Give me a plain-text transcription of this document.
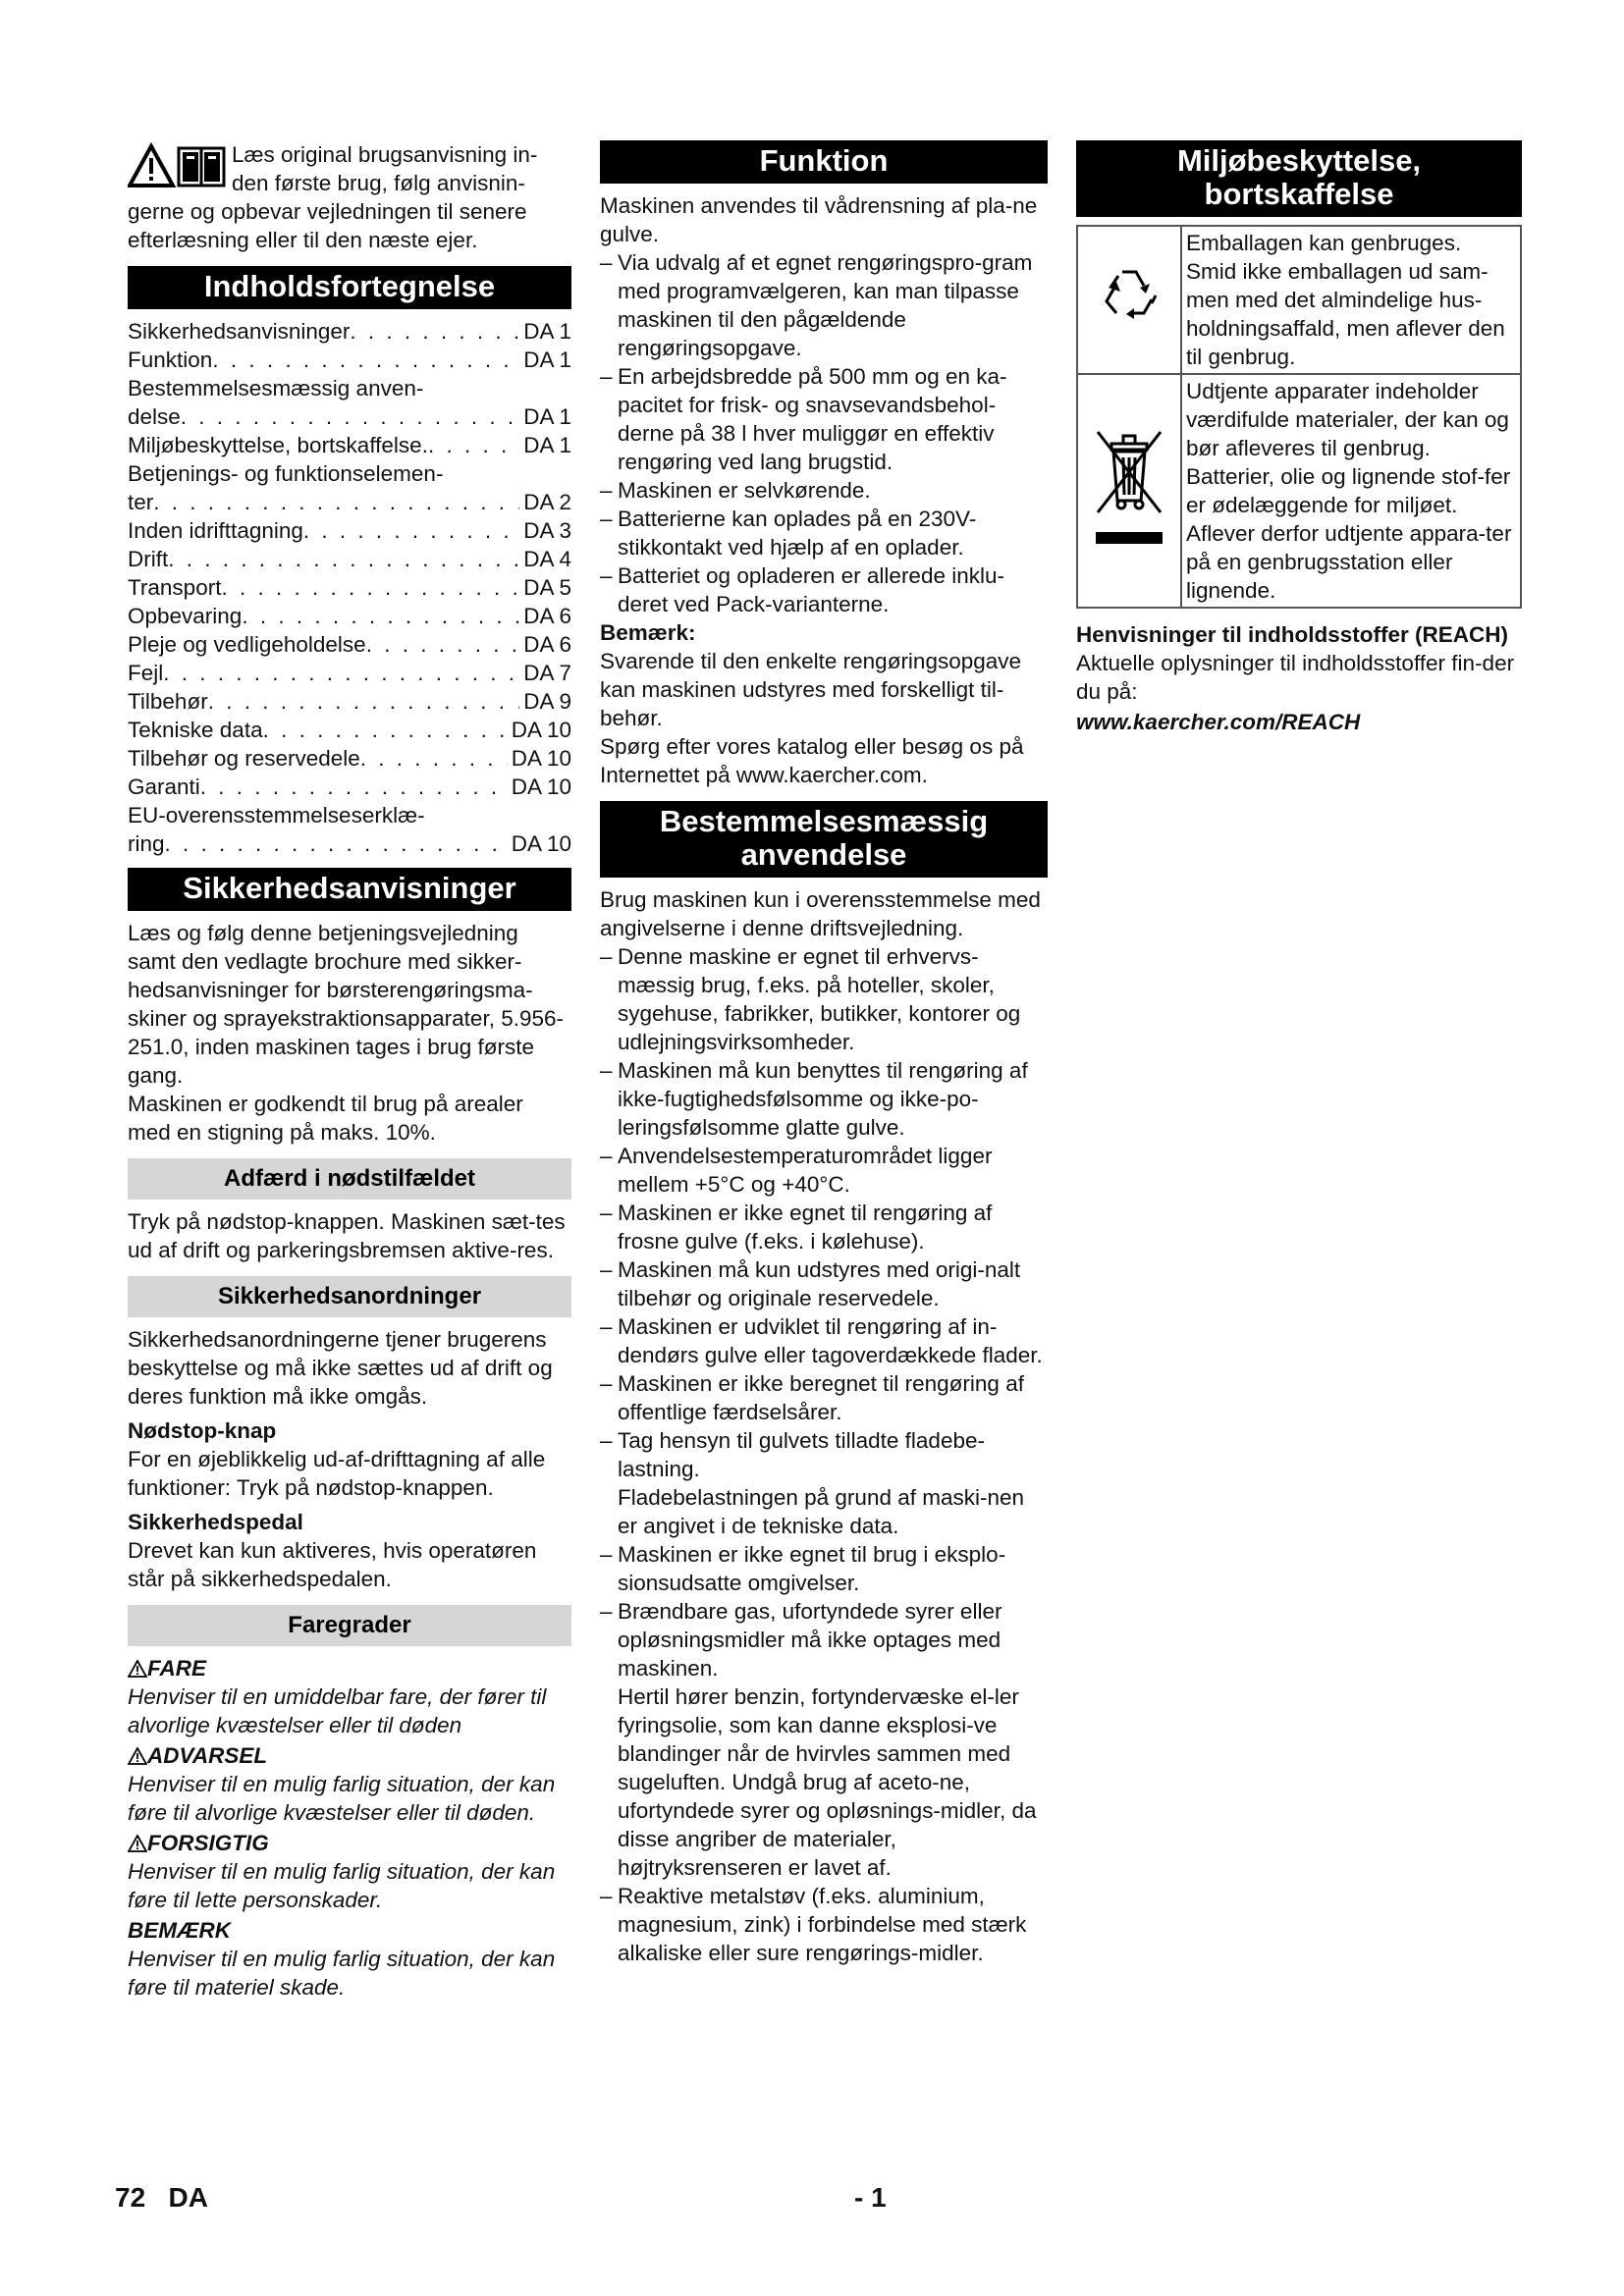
Læs original brugsanvisning in-den første brug, følg anvisnin-gerne og opbevar vejledningen til senere efterlæsning eller til den næste ejer.

Indholdsfortegnelse
Sikkerhedsanvisninger . . .	DA 1
Funktion . . .	DA 1
Bestemmelsesmæssig anven-
delse . . .	DA 1
Miljøbeskyttelse, bortskaffelse. . . .	DA 1
Betjenings- og funktionselemen-
ter . . .	DA 2
Inden idrifttagning . . .	DA 3
Drift . . .	DA 4
Transport . . .	DA 5
Opbevaring . . .	DA 6
Pleje og vedligeholdelse . . .	DA 6
Fejl . . .	DA 7
Tilbehør . . .	DA 9
Tekniske data . . .	DA 10
Tilbehør og reservedele . . .	DA 10
Garanti . . .	DA 10
EU-overensstemmelseserklæ-
ring . . .	DA 10
Sikkerhedsanvisninger

Læs og følg denne betjeningsvejledning samt den vedlagte brochure med sikker-hedsanvisninger for børsterengøringsma-skiner og sprayekstraktionsapparater, 5.956-251.0, inden maskinen tages i brug første gang.

Maskinen er godkendt til brug på arealer med en stigning på maks. 10%.

Adfærd i nødstilfældet

Tryk på nødstop-knappen. Maskinen sæt-tes ud af drift og parkeringsbremsen aktive-res.

Sikkerhedsanordninger

Sikkerhedsanordningerne tjener brugerens beskyttelse og må ikke sættes ud af drift og deres funktion må ikke omgås.

Nødstop-knap

For en øjeblikkelig ud-af-drifttagning af alle funktioner: Tryk på nødstop-knappen.

Sikkerhedspedal

Drevet kan kun aktiveres, hvis operatøren står på sikkerhedspedalen.

Faregrader

FARE

Henviser til en umiddelbar fare, der fører til alvorlige kvæstelser eller til døden

ADVARSEL

Henviser til en mulig farlig situation, der kan føre til alvorlige kvæstelser eller til døden.

FORSIGTIG

Henviser til en mulig farlig situation, der kan føre til lette personskader.

BEMÆRK

Henviser til en mulig farlig situation, der kan føre til materiel skade.

Funktion

Maskinen anvendes til vådrensning af pla-ne gulve.

– Via udvalg af et egnet rengøringspro-gram med programvælgeren, kan man tilpasse maskinen til den pågældende rengøringsopgave.
– En arbejdsbredde på 500 mm og en ka-pacitet for frisk- og snavsevandsbehol-derne på 38 l hver muliggør en effektiv rengøring ved lang brugstid.
– Maskinen er selvkørende.
– Batterierne kan oplades på en 230V-stikkontakt ved hjælp af en oplader.
– Batteriet og opladeren er allerede inklu-deret ved Pack-varianterne.

Bemærk:

Svarende til den enkelte rengøringsopgave kan maskinen udstyres med forskelligt til-behør.

Spørg efter vores katalog eller besøg os på Internettet på www.kaercher.com.

Bestemmelsesmæssig
anvendelse

Brug maskinen kun i overensstemmelse med angivelserne i denne driftsvejledning.

– Denne maskine er egnet til erhvervs-mæssig brug, f.eks. på hoteller, skoler, sygehuse, fabrikker, butikker, kontorer og udlejningsvirksomheder.
– Maskinen må kun benyttes til rengøring af ikke-fugtighedsfølsomme og ikke-po-leringsfølsomme glatte gulve.
– Anvendelsestemperaturområdet ligger mellem +5°C og +40°C.
– Maskinen er ikke egnet til rengøring af frosne gulve (f.eks. i kølehuse).
– Maskinen må kun udstyres med origi-nalt tilbehør og originale reservedele.
– Maskinen er udviklet til rengøring af in-dendørs gulve eller tagoverdækkede flader.
– Maskinen er ikke beregnet til rengøring af offentlige færdselsårer.
– Tag hensyn til gulvets tilladte fladebe-lastning.
Fladebelastningen på grund af maski-nen er angivet i de tekniske data.
– Maskinen er ikke egnet til brug i eksplo-sionsudsatte omgivelser.
– Brændbare gas, ufortyndede syrer eller opløsningsmidler må ikke optages med maskinen.
Hertil hører benzin, fortyndervæske el-ler fyringsolie, som kan danne eksplosi-ve blandinger når de hvirvles sammen med sugeluften. Undgå brug af aceto-ne, ufortyndede syrer og opløsnings-midler, da disse angriber de materialer, højtryksrenseren er lavet af.
– Reaktive metalstøv (f.eks. aluminium, magnesium, zink) i forbindelse med stærk alkaliske eller sure rengørings-midler.
Miljøbeskyttelse,
bortskaffelse
	Emballagen kan genbruges. Smid ikke emballagen ud sam-men med det almindelige hus-holdningsaffald, men aflever den til genbrug.
	Udtjente apparater indeholder værdifulde materialer, der kan og bør afleveres til genbrug. Batterier, olie og lignende stof-fer er ødelæggende for miljøet. Aflever derfor udtjente appara-ter på en genbrugsstation eller lignende.

Henvisninger til indholdsstoffer (REACH)

Aktuelle oplysninger til indholdsstoffer fin-der du på:

www.kaercher.com/REACH

72 DA	- 1
